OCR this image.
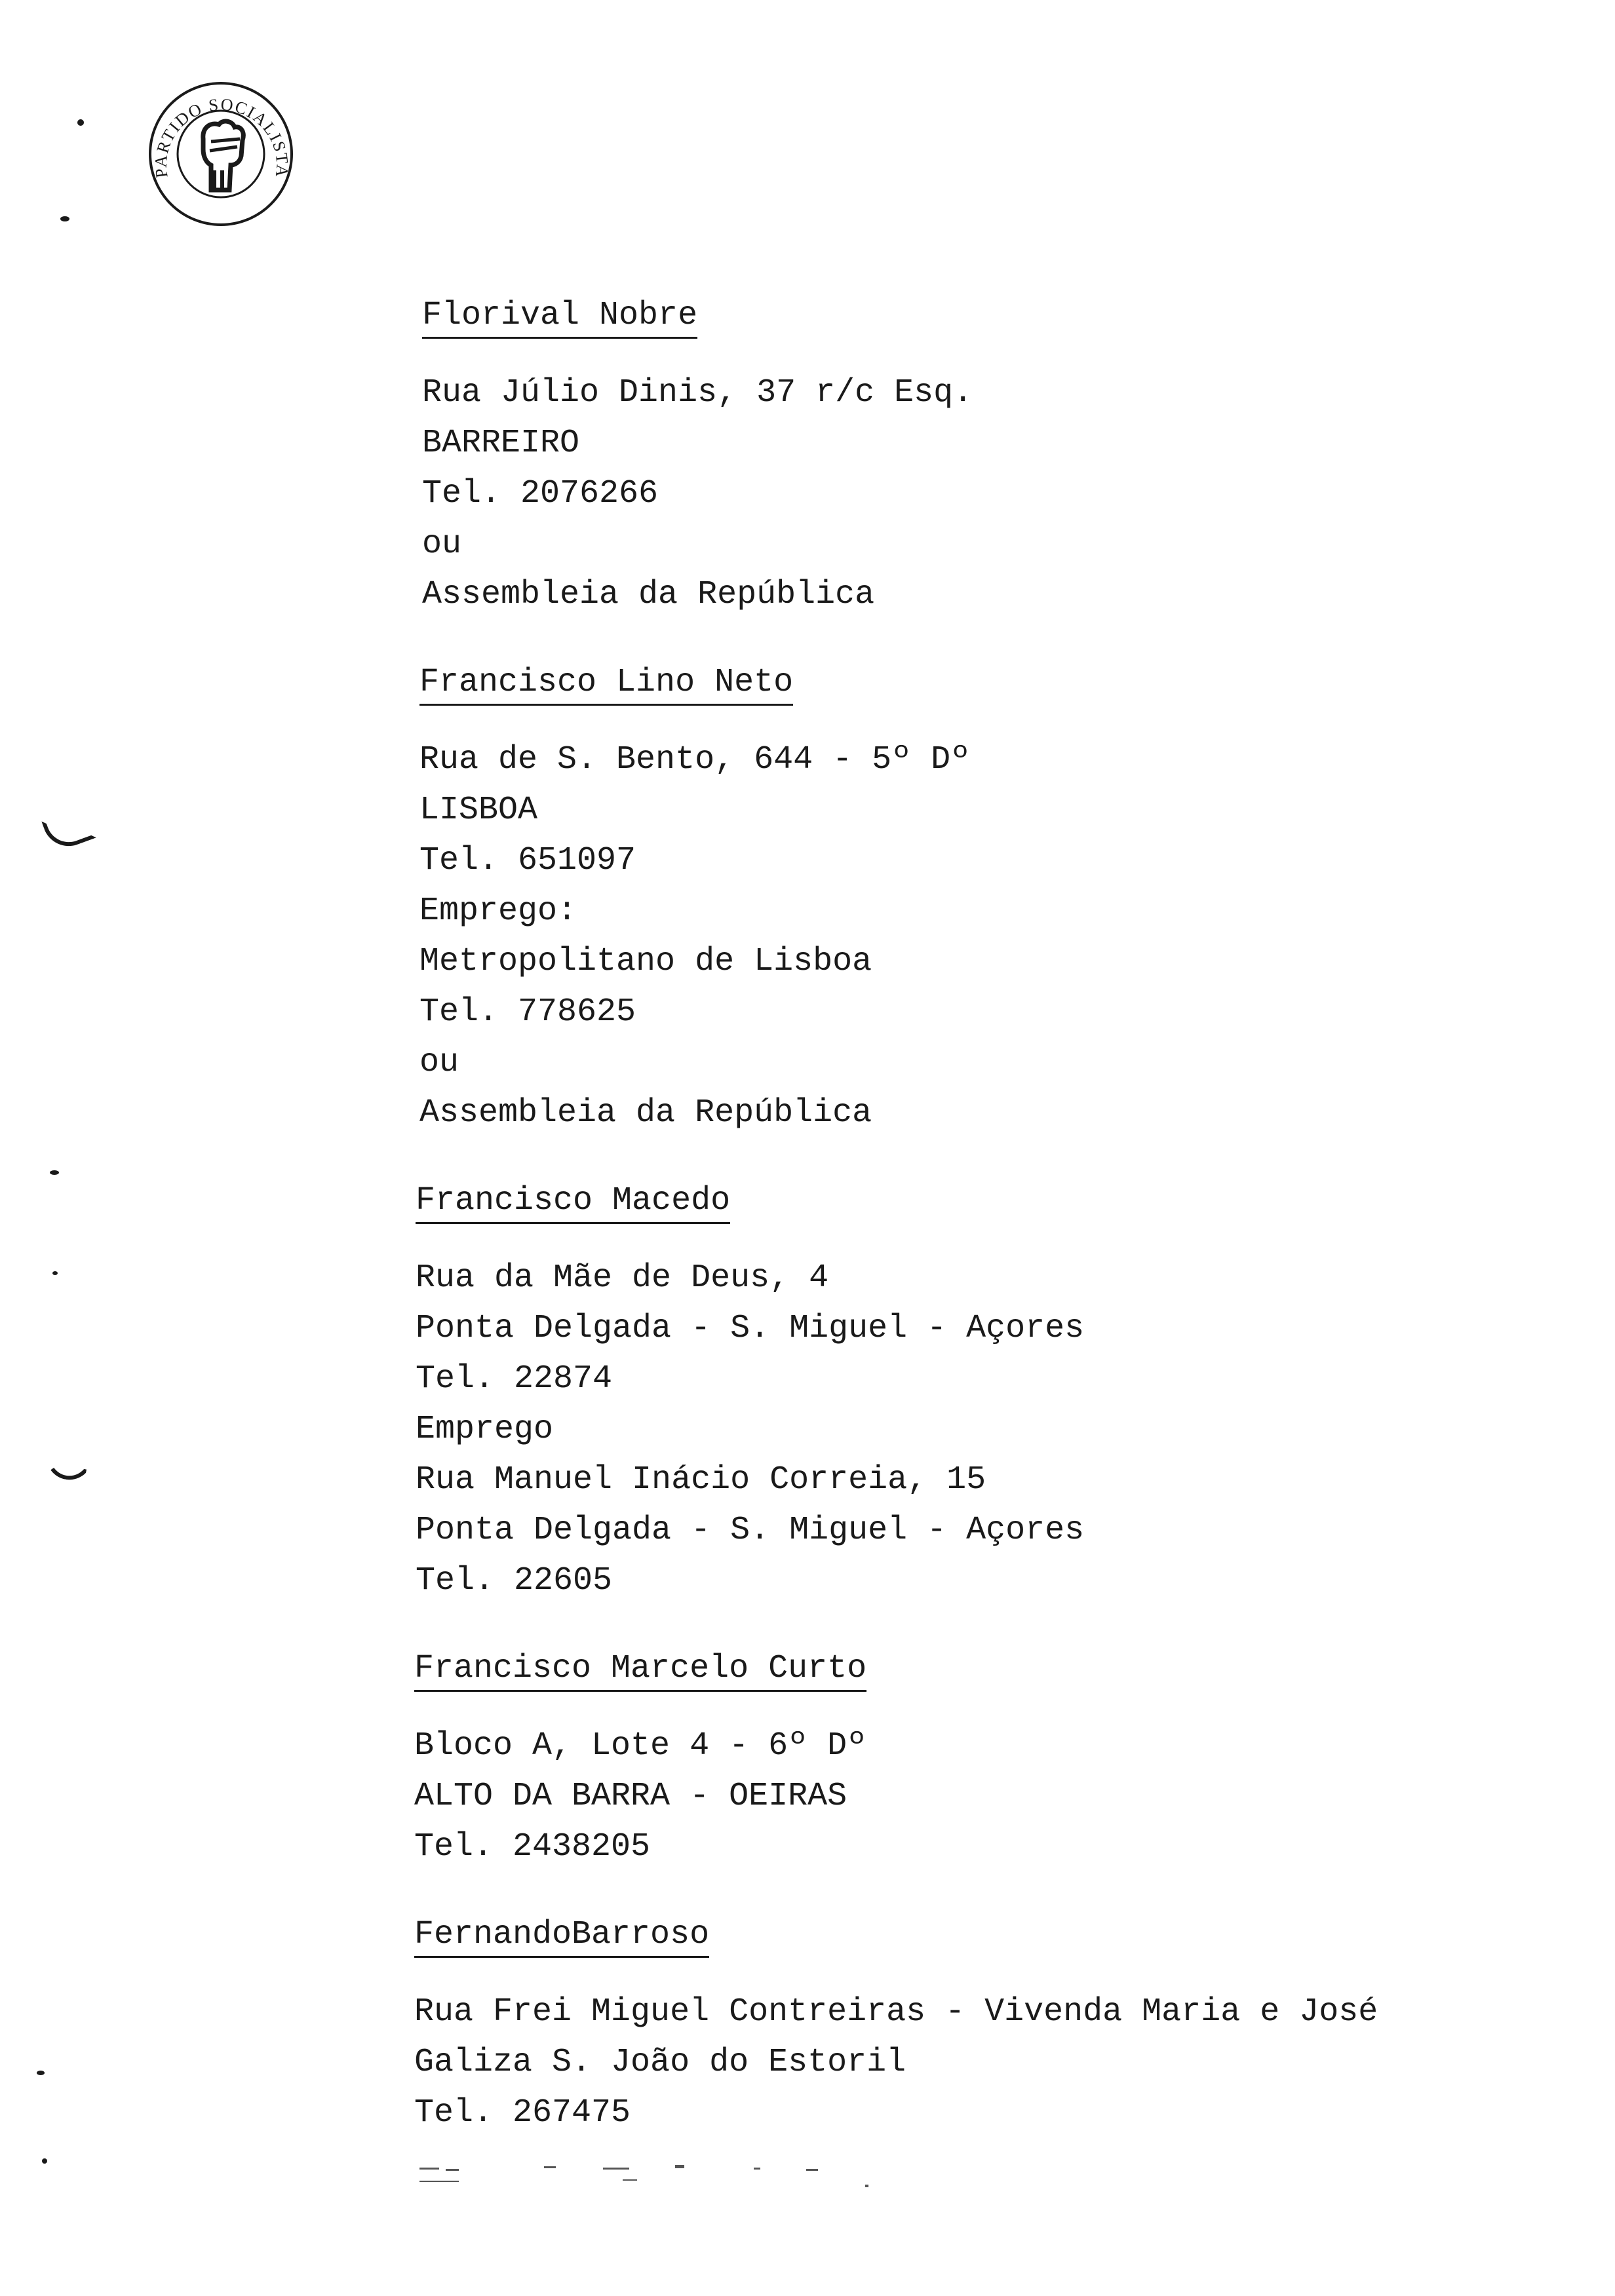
PARTIDO SOCIALISTA
Florival Nobre
Rua Júlio Dinis, 37 r/c Esq.
BARREIRO
Tel. 2076266
ou
Assembleia da República
Francisco Lino Neto
Rua de S. Bento, 644 - 5º Dº
LISBOA
Tel. 651097
Emprego:
Metropolitano de Lisboa
Tel. 778625
ou
Assembleia da República
Francisco Macedo
Rua da Mãe de Deus, 4
Ponta Delgada - S. Miguel - Açores
Tel. 22874
Emprego
Rua Manuel Inácio Correia, 15
Ponta Delgada - S. Miguel - Açores
Tel. 22605
Francisco Marcelo Curto
Bloco A, Lote 4 - 6º Dº
ALTO DA BARRA - OEIRAS
Tel. 2438205
FernandoBarroso
Rua Frei Miguel Contreiras - Vivenda Maria e José
Galiza S. João do Estoril
Tel. 267475
